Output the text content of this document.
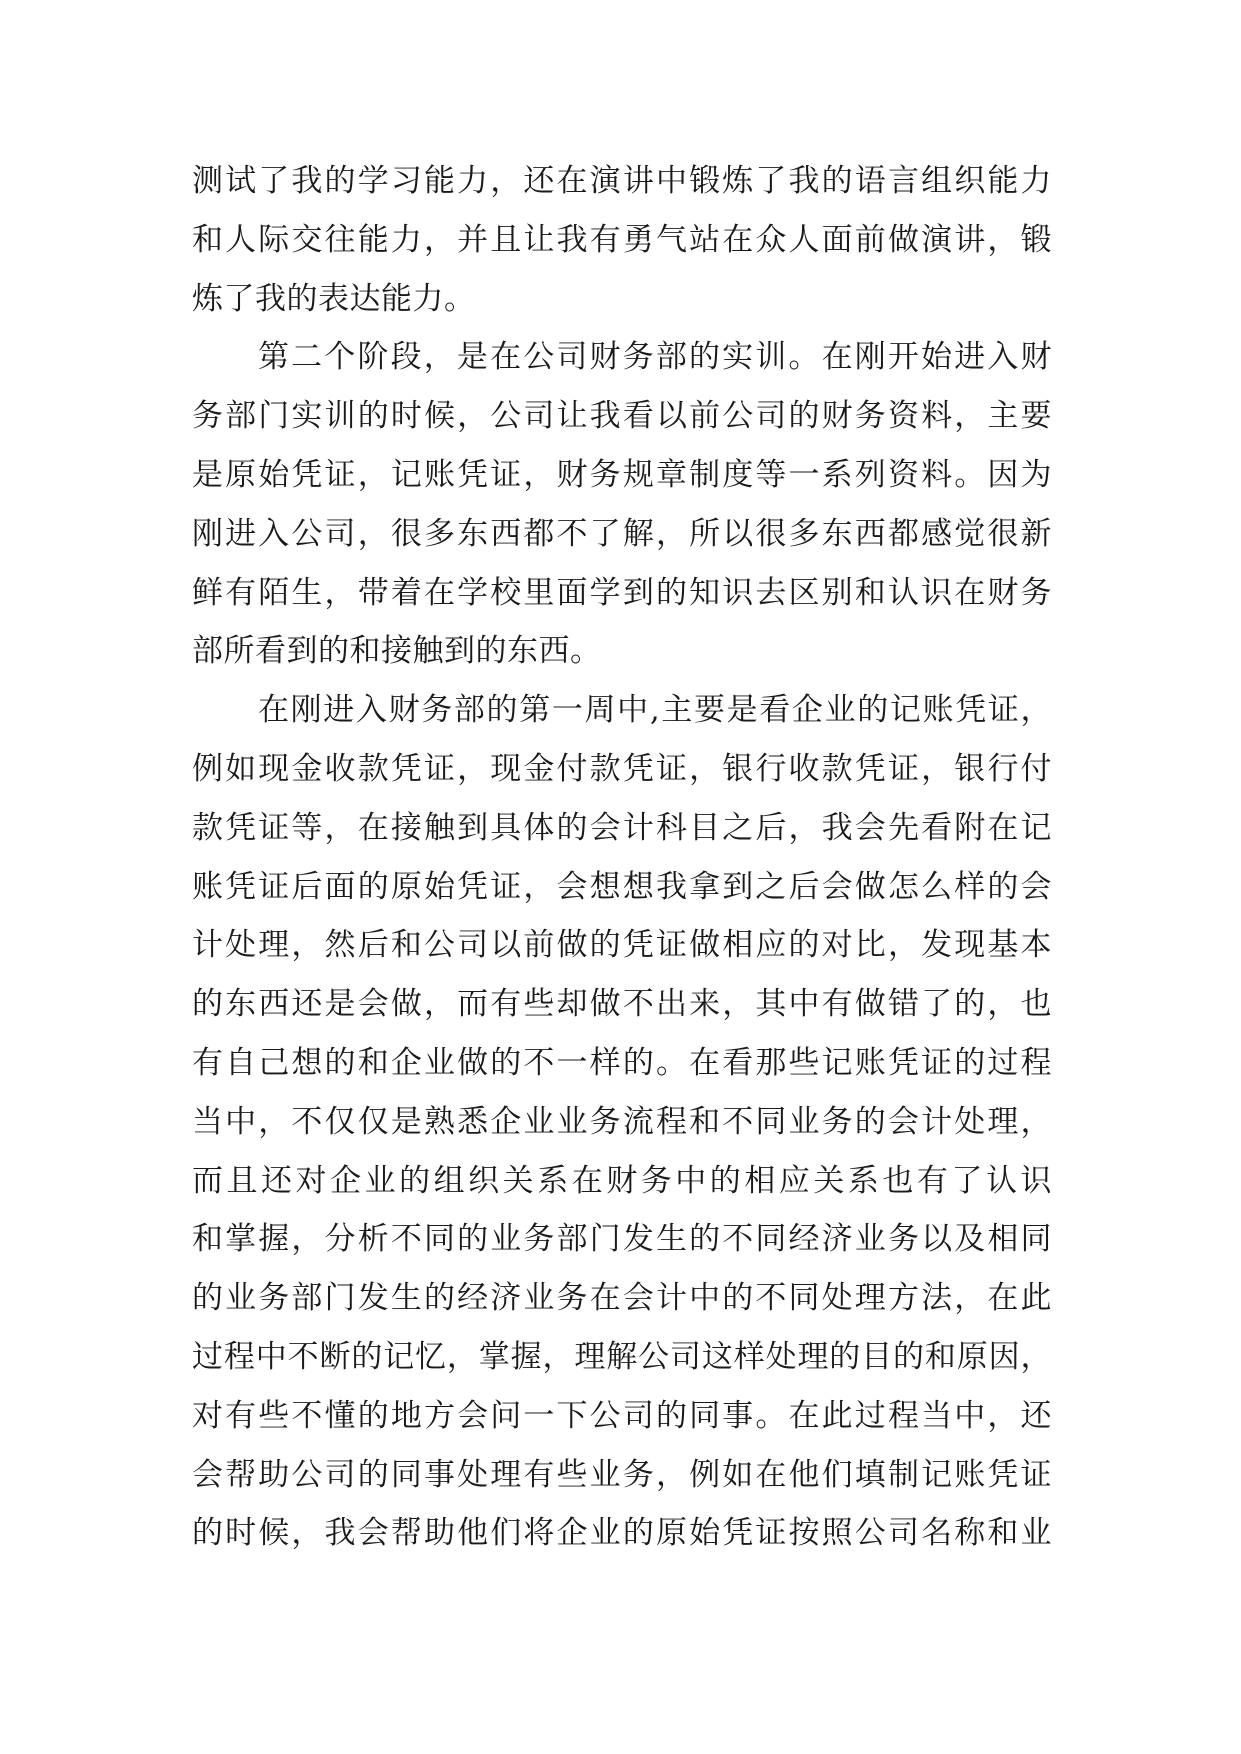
测试了我的学习能力，还在演讲中锻炼了我的语言组织能力
和人际交往能力，并且让我有勇气站在众人面前做演讲，锻
炼了我的表达能力。
第二个阶段，是在公司财务部的实训。在刚开始进入财
务部门实训的时候，公司让我看以前公司的财务资料，主要
是原始凭证，记账凭证，财务规章制度等一系列资料。因为
刚进入公司，很多东西都不了解，所以很多东西都感觉很新
鲜有陌生，带着在学校里面学到的知识去区别和认识在财务
部所看到的和接触到的东西。
在刚进入财务部的第一周中,主要是看企业的记账凭证，
例如现金收款凭证，现金付款凭证，银行收款凭证，银行付
款凭证等，在接触到具体的会计科目之后，我会先看附在记
账凭证后面的原始凭证，会想想我拿到之后会做怎么样的会
计处理，然后和公司以前做的凭证做相应的对比，发现基本
的东西还是会做，而有些却做不出来，其中有做错了的，也
有自己想的和企业做的不一样的。在看那些记账凭证的过程
当中，不仅仅是熟悉企业业务流程和不同业务的会计处理，
而且还对企业的组织关系在财务中的相应关系也有了认识
和掌握，分析不同的业务部门发生的不同经济业务以及相同
的业务部门发生的经济业务在会计中的不同处理方法，在此
过程中不断的记忆，掌握，理解公司这样处理的目的和原因，
对有些不懂的地方会问一下公司的同事。在此过程当中，还
会帮助公司的同事处理有些业务，例如在他们填制记账凭证
的时候，我会帮助他们将企业的原始凭证按照公司名称和业
